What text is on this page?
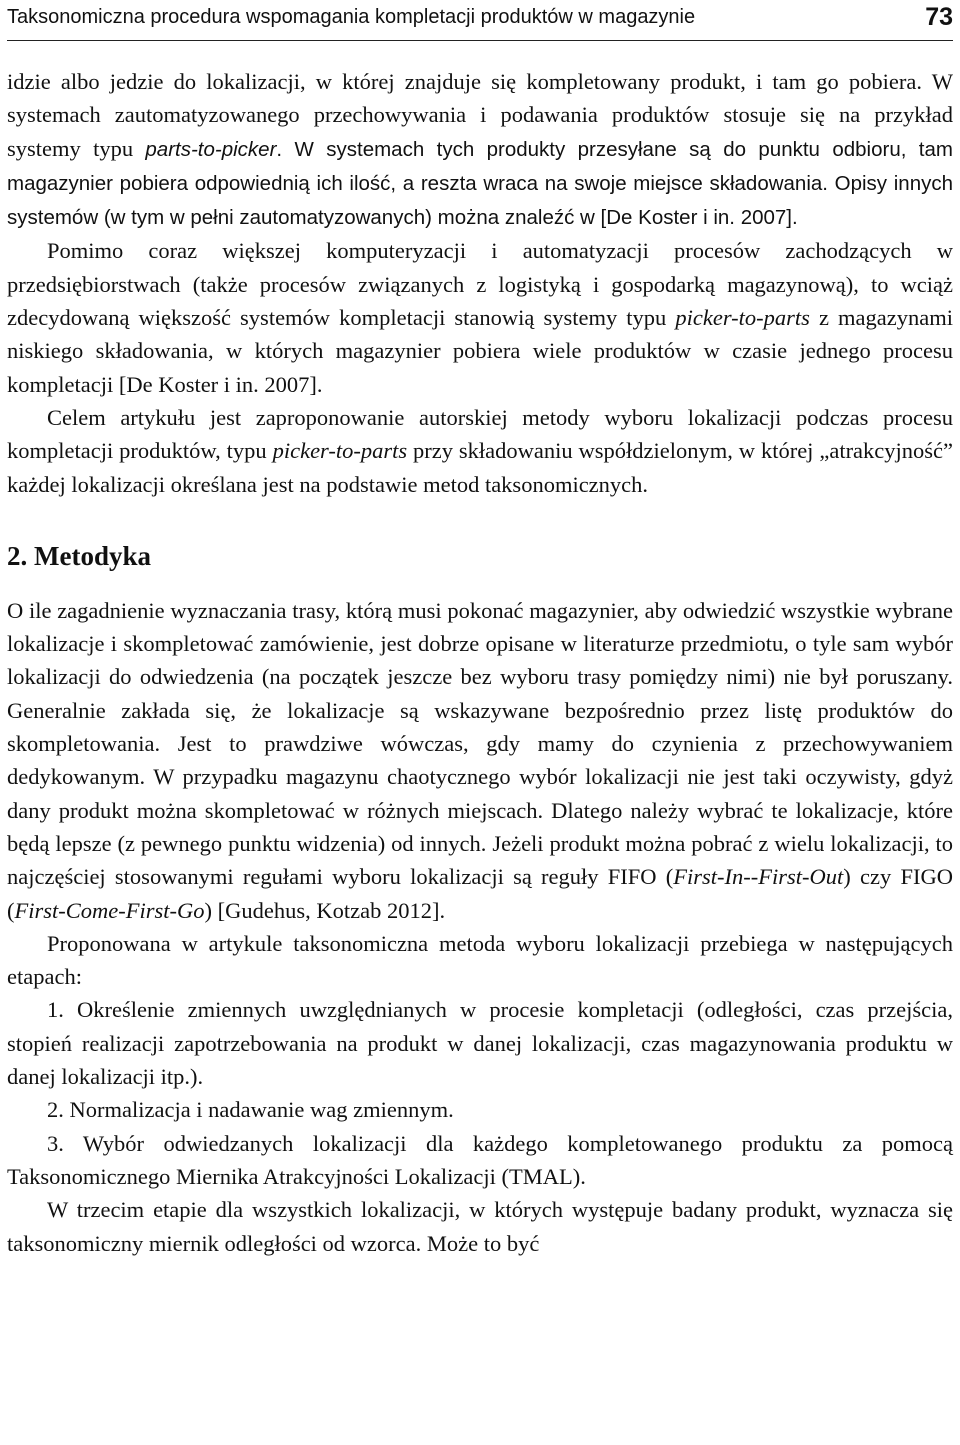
Taksonomiczna procedura wspomagania kompletacji produktów w magazynie	73

idzie albo jedzie do lokalizacji, w której znajduje się kompletowany produkt, i tam go pobiera. W systemach zautomatyzowanego przechowywania i podawania produktów stosuje się na przykład systemy typu parts-to-picker. W systemach tych produkty przesyłane są do punktu odbioru, tam magazynier pobiera odpowiednią ich ilość, a reszta wraca na swoje miejsce składowania. Opisy innych systemów (w tym w pełni zautomatyzowanych) można znaleźć w [De Koster i in. 2007].

Pomimo coraz większej komputeryzacji i automatyzacji procesów zachodzących w przedsiębiorstwach (także procesów związanych z logistyką i gospodarką magazynową), to wciąż zdecydowaną większość systemów kompletacji stanowią systemy typu picker-to-parts z magazynami niskiego składowania, w których magazynier pobiera wiele produktów w czasie jednego procesu kompletacji [De Koster i in. 2007].

Celem artykułu jest zaproponowanie autorskiej metody wyboru lokalizacji podczas procesu kompletacji produktów, typu picker-to-parts przy składowaniu współdzielonym, w której „atrakcyjność” każdej lokalizacji określana jest na podstawie metod taksonomicznych.

2. Metodyka

O ile zagadnienie wyznaczania trasy, którą musi pokonać magazynier, aby odwiedzić wszystkie wybrane lokalizacje i skompletować zamówienie, jest dobrze opisane w literaturze przedmiotu, o tyle sam wybór lokalizacji do odwiedzenia (na początek jeszcze bez wyboru trasy pomiędzy nimi) nie był poruszany. Generalnie zakłada się, że lokalizacje są wskazywane bezpośrednio przez listę produktów do skompletowania. Jest to prawdziwe wówczas, gdy mamy do czynienia z przechowywaniem dedykowanym. W przypadku magazynu chaotycznego wybór lokalizacji nie jest taki oczywisty, gdyż dany produkt można skompletować w różnych miejscach. Dlatego należy wybrać te lokalizacje, które będą lepsze (z pewnego punktu widzenia) od innych. Jeżeli produkt można pobrać z wielu lokalizacji, to najczęściej stosowanymi regułami wyboru lokalizacji są reguły FIFO (First-In--First-Out) czy FIGO (First-Come-First-Go) [Gudehus, Kotzab 2012].

Proponowana w artykule taksonomiczna metoda wyboru lokalizacji przebiega w następujących etapach:

1. Określenie zmiennych uwzględnianych w procesie kompletacji (odległości, czas przejścia, stopień realizacji zapotrzebowania na produkt w danej lokalizacji, czas magazynowania produktu w danej lokalizacji itp.).

2. Normalizacja i nadawanie wag zmiennym.

3. Wybór odwiedzanych lokalizacji dla każdego kompletowanego produktu za pomocą Taksonomicznego Miernika Atrakcyjności Lokalizacji (TMAL).

W trzecim etapie dla wszystkich lokalizacji, w których występuje badany produkt, wyznacza się taksonomiczny miernik odległości od wzorca. Może to być
